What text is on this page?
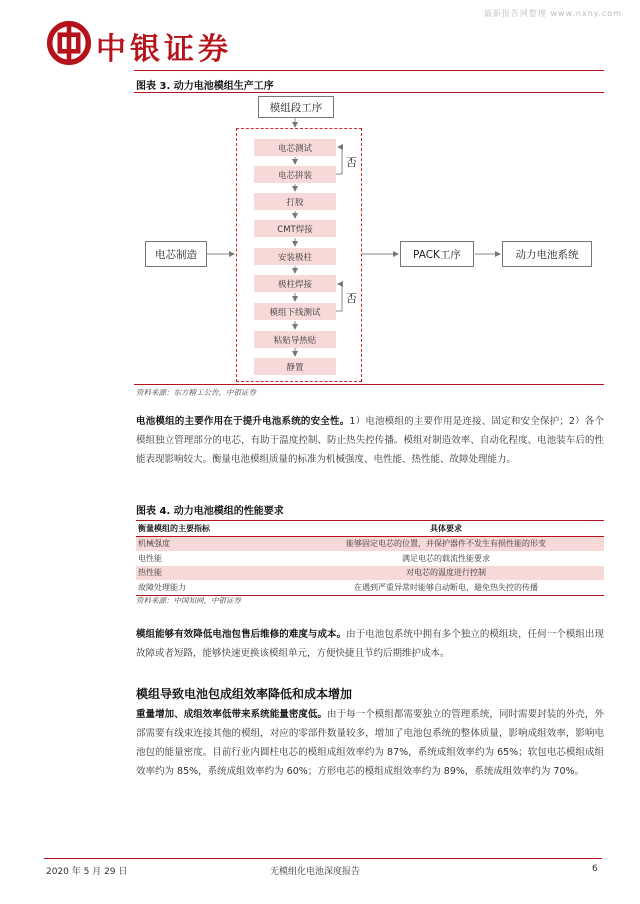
最新报告网整理 www.nxny.com
中银证券
图表 3. 动力电池模组生产工序
模组段工序
电芯测试
电芯拼装
打胶
CMT焊接
安装极柱
极柱焊接
模组下线测试
粘贴导热贴
静置
否
否
电芯制造	PACK工序	动力电池系统
资料来源：东方精工公告，中银证券
电池模组的主要作用在于提升电池系统的安全性。1）电池模组的主要作用是连接、固定和安全保护；2）各个模组独立管理部分的电芯，有助于温度控制、防止热失控传播。模组对制造效率、自动化程度、电池装车后的性能表现影响较大。衡量电池模组质量的标准为机械强度、电性能、热性能、故障处理能力。
图表 4. 动力电池模组的性能要求
衡量模组的主要指标	具体要求
机械强度	能够固定电芯的位置，并保护器件不发生有损性能的形变
电性能	满足电芯的载流性能要求
热性能	对电芯的温度进行控制
故障处理能力	在遇到严重异常时能够自动断电，避免热失控的传播
资料来源：中国知网，中银证券
模组能够有效降低电池包售后维修的难度与成本。由于电池包系统中拥有多个独立的模组块，任何一个模组出现故障或者短路，能够快速更换该模组单元，方便快捷且节约后期维护成本。
模组导致电池包成组效率降低和成本增加
重量增加、成组效率低带来系统能量密度低。由于每一个模组都需要独立的管理系统，同时需要封装的外壳，外部需要有线束连接其他的模组，对应的零部件数量较多，增加了电池包系统的整体质量，影响成组效率，影响电池包的能量密度。目前行业内圆柱电芯的模组成组效率约为 87%，系统成组效率约为 65%；软包电芯模组成组效率约为 85%，系统成组效率约为 60%；方形电芯的模组成组效率约为 89%，系统成组效率约为 70%。
2020 年 5 月 29 日	无模组化电池深度报告	6
